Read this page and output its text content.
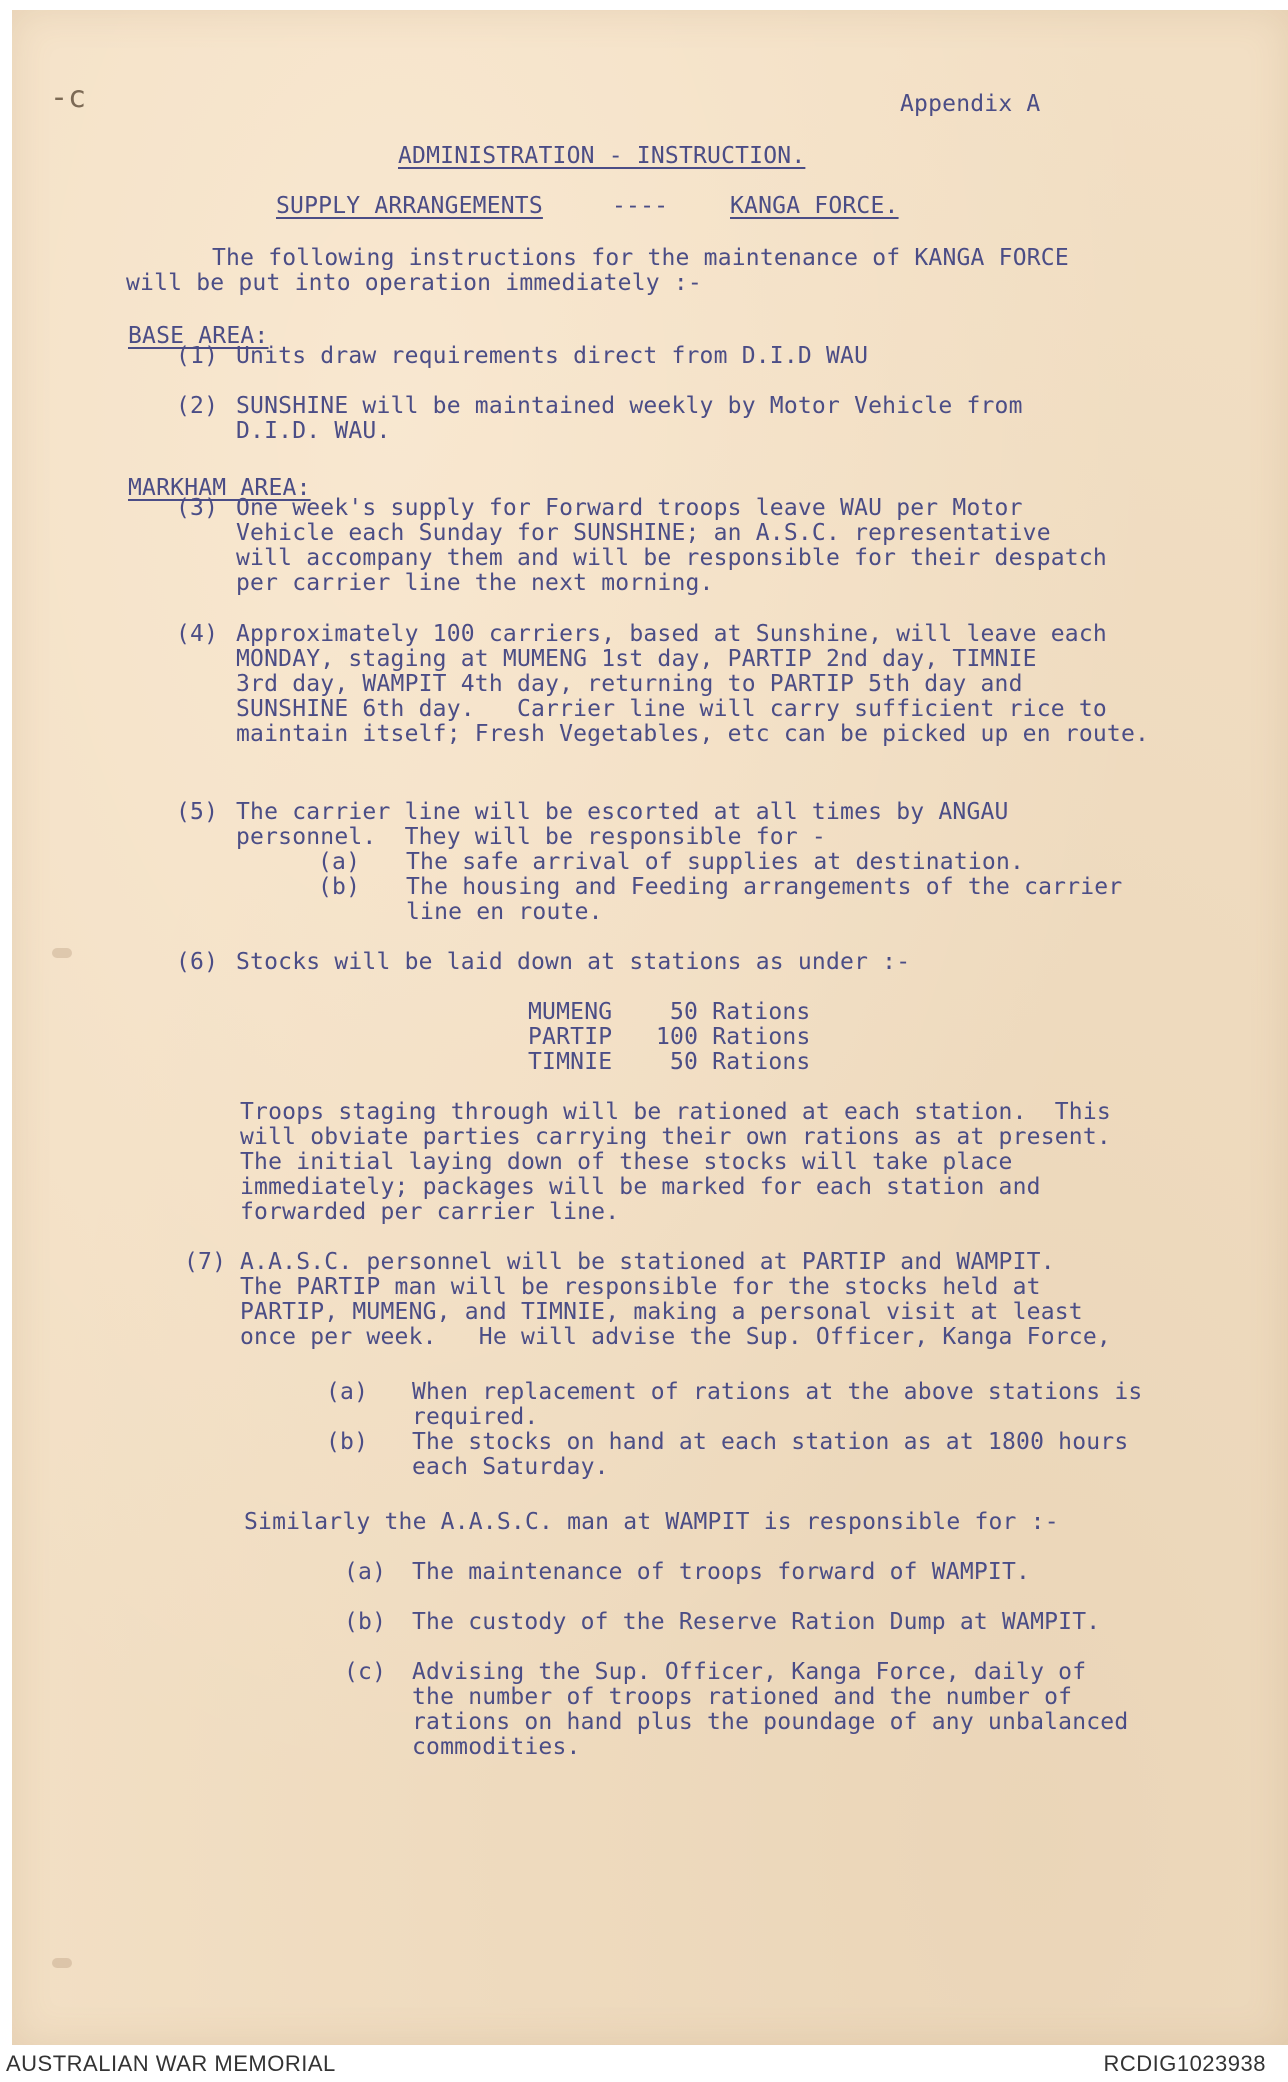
-c	Appendix A
ADMINISTRATION - INSTRUCTION.
SUPPLY ARRANGEMENTS	----	KANGA FORCE.
The following instructions for the maintenance of KANGA FORCE
will be put into operation immediately :-
BASE AREA:
(1) Units draw requirements direct from D.I.D WAU
(2) SUNSHINE will be maintained weekly by Motor Vehicle from
D.I.D. WAU.
MARKHAM AREA:
(3) One week's supply for Forward troops leave WAU per Motor
Vehicle each Sunday for SUNSHINE; an A.S.C. representative
will accompany them and will be responsible for their despatch
per carrier line the next morning.
(4) Approximately 100 carriers, based at Sunshine, will leave each
MONDAY, staging at MUMENG 1st day, PARTIP 2nd day, TIMNIE
3rd day, WAMPIT 4th day, returning to PARTIP 5th day and
SUNSHINE 6th day.   Carrier line will carry sufficient rice to
maintain itself; Fresh Vegetables, etc can be picked up en route.
(5) The carrier line will be escorted at all times by ANGAU
personnel.  They will be responsible for -
(a) The safe arrival of supplies at destination.
(b) The housing and Feeding arrangements of the carrier
line en route.
(6) Stocks will be laid down at stations as under :-
MUMENG	50 Rations
PARTIP 100 Rations
TIMNIE	50 Rations
Troops staging through will be rationed at each station.  This
will obviate parties carrying their own rations as at present.
The initial laying down of these stocks will take place
immediately; packages will be marked for each station and
forwarded per carrier line.
(7) A.A.S.C. personnel will be stationed at PARTIP and WAMPIT.
The PARTIP man will be responsible for the stocks held at
PARTIP, MUMENG, and TIMNIE, making a personal visit at least
once per week.   He will advise the Sup. Officer, Kanga Force,
(a) When replacement of rations at the above stations is
required.
(b) The stocks on hand at each station as at 1800 hours
each Saturday.
Similarly the A.A.S.C. man at WAMPIT is responsible for :-
(a) The maintenance of troops forward of WAMPIT.
(b) The custody of the Reserve Ration Dump at WAMPIT.
(c) Advising the Sup. Officer, Kanga Force, daily of
the number of troops rationed and the number of
rations on hand plus the poundage of any unbalanced
commodities.
AUSTRALIAN WAR MEMORIAL	RCDIG1023938
